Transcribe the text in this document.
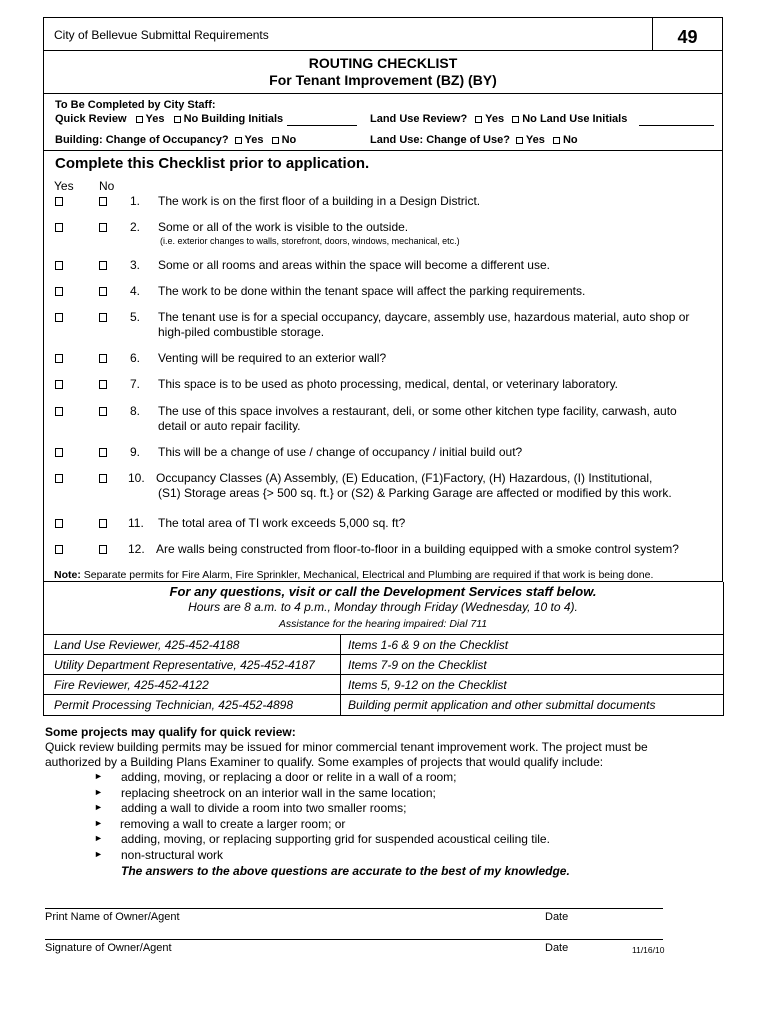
City of Bellevue Submittal Requirements	49
ROUTING CHECKLIST
For Tenant Improvement (BZ) (BY)
To Be Completed by City Staff:
Quick Review Yes No Building Initials	Land Use Review? Yes No Land Use Initials
Building: Change of Occupancy? Yes No	Land Use: Change of Use? Yes No
Complete this Checklist prior to application.
Yes No
1. The work is on the first floor of a building in a Design District.
2. Some or all of the work is visible to the outside.
(i.e. exterior changes to walls, storefront, doors, windows, mechanical, etc.)
3. Some or all rooms and areas within the space will become a different use.
4. The work to be done within the tenant space will affect the parking requirements.
5. The tenant use is for a special occupancy, daycare, assembly use, hazardous material, auto shop or
high-piled combustible storage.
6. Venting will be required to an exterior wall?
7. This space is to be used as photo processing, medical, dental, or veterinary laboratory.
8. The use of this space involves a restaurant, deli, or some other kitchen type facility, carwash, auto
detail or auto repair facility.
9. This will be a change of use / change of occupancy / initial build out?
10. Occupancy Classes (A) Assembly, (E) Education, (F1)Factory, (H) Hazardous, (I) Institutional,
(S1) Storage areas {> 500 sq. ft.} or (S2) & Parking Garage are affected or modified by this work.
11. The total area of TI work exceeds 5,000 sq. ft?
12. Are walls being constructed from floor-to-floor in a building equipped with a smoke control system?
Note: Separate permits for Fire Alarm, Fire Sprinkler, Mechanical, Electrical and Plumbing are required if that work is being done.
For any questions, visit or call the Development Services staff below.
Hours are 8 a.m. to 4 p.m., Monday through Friday (Wednesday, 10 to 4).
Assistance for the hearing impaired: Dial 711
Land Use Reviewer, 425-452-4188	Items 1-6 & 9 on the Checklist
Utility Department Representative, 425-452-4187	Items 7-9 on the Checklist
Fire Reviewer, 425-452-4122	Items 5, 9-12 on the Checklist
Permit Processing Technician, 425-452-4898	Building permit application and other submittal documents
Some projects may qualify for quick review:
Quick review building permits may be issued for minor commercial tenant improvement work. The project must be
authorized by a Building Plans Examiner to qualify. Some examples of projects that would qualify include:
► adding, moving, or replacing a door or relite in a wall of a room;
► replacing sheetrock on an interior wall in the same location;
► adding a wall to divide a room into two smaller rooms;
► removing a wall to create a larger room; or
► adding, moving, or replacing supporting grid for suspended acoustical ceiling tile.
► non-structural work
The answers to the above questions are accurate to the best of my knowledge.
Print Name of Owner/Agent	Date
Signature of Owner/Agent	Date	11/16/10
